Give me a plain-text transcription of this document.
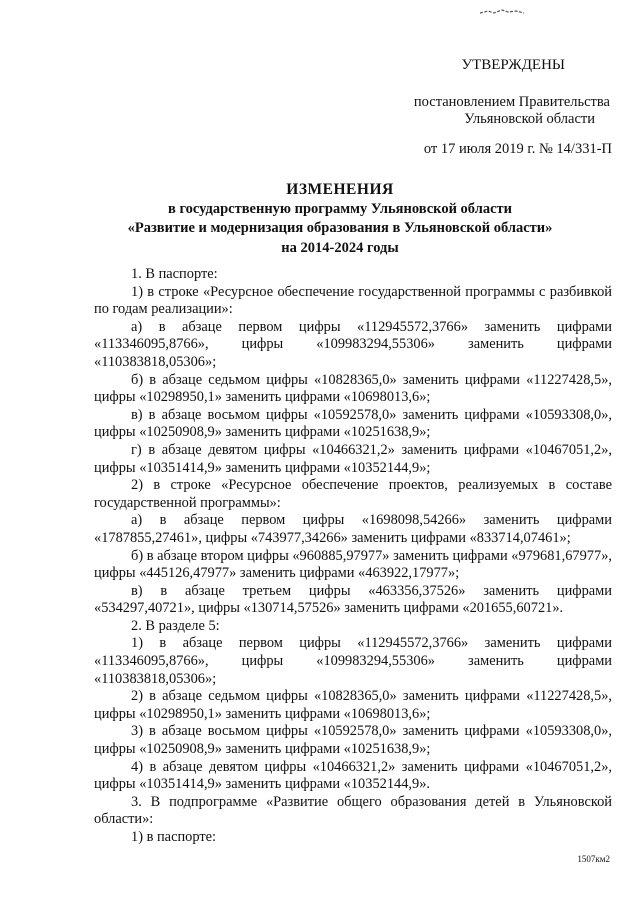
УТВЕРЖДЕНЫ
постановлением Правительства
Ульяновской области
от 17 июля 2019 г. № 14/331-П
ИЗМЕНЕНИЯ
в государственную программу Ульяновской области
«Развитие и модернизация образования в Ульяновской области»
на 2014-2024 годы

1. В паспорте:

1) в строке «Ресурсное обеспечение государственной программы с разбивкой по годам реализации»:

а) в абзаце первом цифры «112945572,3766» заменить цифрами «113346095,8766», цифры «109983294,55306» заменить цифрами «110383818,05306»;

б) в абзаце седьмом цифры «10828365,0» заменить цифрами «11227428,5», цифры «10298950,1» заменить цифрами «10698013,6»;

в) в абзаце восьмом цифры «10592578,0» заменить цифрами «10593308,0», цифры «10250908,9» заменить цифрами «10251638,9»;

г) в абзаце девятом цифры «10466321,2» заменить цифрами «10467051,2», цифры «10351414,9» заменить цифрами «10352144,9»;

2) в строке «Ресурсное обеспечение проектов, реализуемых в составе государственной программы»:

а) в абзаце первом цифры «1698098,54266» заменить цифрами «1787855,27461», цифры «743977,34266» заменить цифрами «833714,07461»;

б) в абзаце втором цифры «960885,97977» заменить цифрами «979681,67977», цифры «445126,47977» заменить цифрами «463922,17977»;

в) в абзаце третьем цифры «463356,37526» заменить цифрами «534297,40721», цифры «130714,57526» заменить цифрами «201655,60721».

2. В разделе 5:

1) в абзаце первом цифры «112945572,3766» заменить цифрами «113346095,8766», цифры «109983294,55306» заменить цифрами «110383818,05306»;

2) в абзаце седьмом цифры «10828365,0» заменить цифрами «11227428,5», цифры «10298950,1» заменить цифрами «10698013,6»;

3) в абзаце восьмом цифры «10592578,0» заменить цифрами «10593308,0», цифры «10250908,9» заменить цифрами «10251638,9»;

4) в абзаце девятом цифры «10466321,2» заменить цифрами «10467051,2», цифры «10351414,9» заменить цифрами «10352144,9».

3. В подпрограмме «Развитие общего образования детей в Ульяновской области»:

1) в паспорте:

1507км2
